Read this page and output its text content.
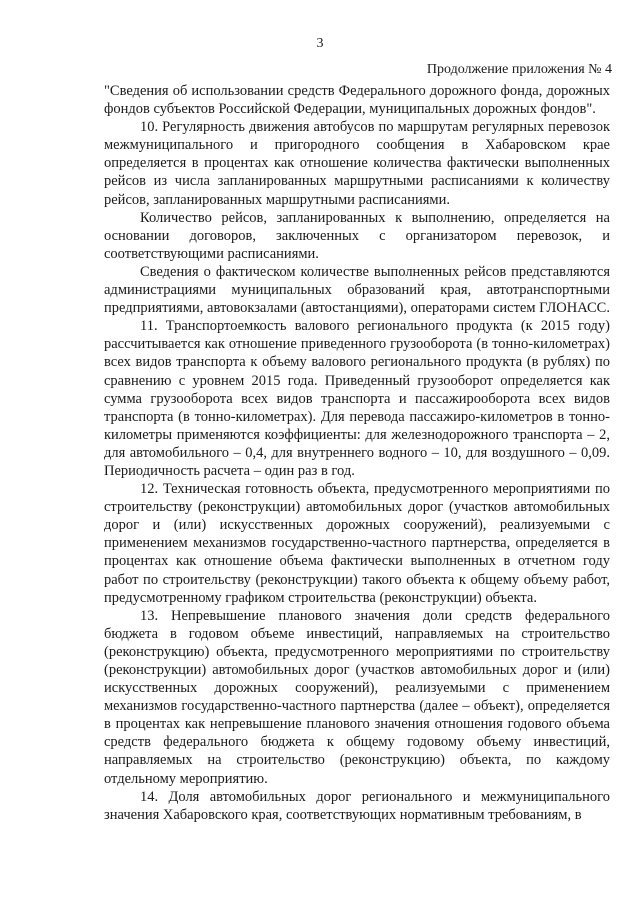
3
Продолжение приложения № 4

"Сведения об использовании средств Федерального дорожного фонда, дорожных фондов субъектов Российской Федерации, муниципальных дорожных фондов".

10. Регулярность движения автобусов по маршрутам регулярных перевозок межмуниципального и пригородного сообщения в Хабаровском крае определяется в процентах как отношение количества фактически выполненных рейсов из числа запланированных маршрутными расписаниями к количеству рейсов, запланированных маршрутными расписаниями.

Количество рейсов, запланированных к выполнению, определяется на основании договоров, заключенных с организатором перевозок, и соответствующими расписаниями.

Сведения о фактическом количестве выполненных рейсов представляются администрациями муниципальных образований края, автотранспортными предприятиями, автовокзалами (автостанциями), операторами систем ГЛОНАСС.

11. Транспортоемкость валового регионального продукта (к 2015 году) рассчитывается как отношение приведенного грузооборота (в тонно-километрах) всех видов транспорта к объему валового регионального продукта (в рублях) по сравнению с уровнем 2015 года. Приведенный грузооборот определяется как сумма грузооборота всех видов транспорта и пассажирооборота всех видов транспорта (в тонно-километрах). Для перевода пассажиро-километров в тонно-километры применяются коэффициенты: для железнодорожного транспорта – 2, для автомобильного – 0,4, для внутреннего водного – 10, для воздушного – 0,09. Периодичность расчета – один раз в год.

12. Техническая готовность объекта, предусмотренного мероприятиями по строительству (реконструкции) автомобильных дорог (участков автомобильных дорог и (или) искусственных дорожных сооружений), реализуемыми с применением механизмов государственно-частного партнерства, определяется в процентах как отношение объема фактически выполненных в отчетном году работ по строительству (реконструкции) такого объекта к общему объему работ, предусмотренному графиком строительства (реконструкции) объекта.

13. Непревышение планового значения доли средств федерального бюджета в годовом объеме инвестиций, направляемых на строительство (реконструкцию) объекта, предусмотренного мероприятиями по строительству (реконструкции) автомобильных дорог (участков автомобильных дорог и (или) искусственных дорожных сооружений), реализуемыми с применением механизмов государственно-частного партнерства (далее – объект), определяется в процентах как непревышение планового значения отношения годового объема средств федерального бюджета к общему годовому объему инвестиций, направляемых на строительство (реконструкцию) объекта, по каждому отдельному мероприятию.

14. Доля автомобильных дорог регионального и межмуниципального значения Хабаровского края, соответствующих нормативным требованиям, в
